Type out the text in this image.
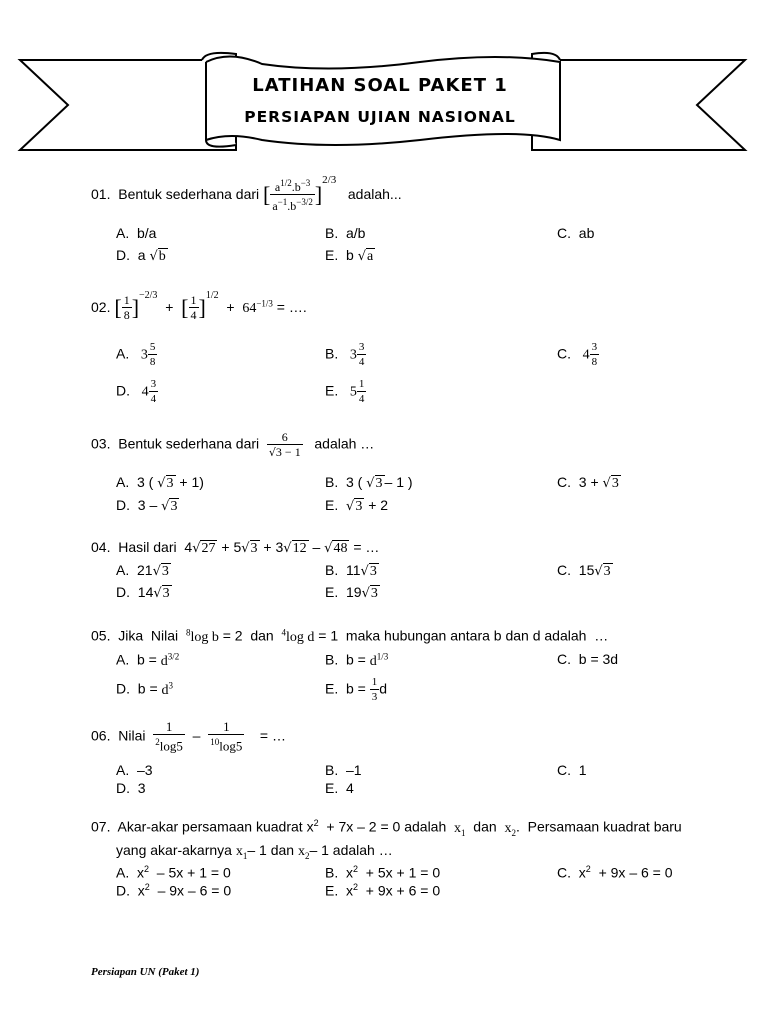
LATIHAN SOAL PAKET 1
PERSIAPAN UJIAN NASIONAL
01. Bentuk sederhana dari [ $\frac{a^{1/2}.b^{-3}}{a^{-1}.b^{-3/2}} ]^{2/3}$   adalah...
A.  b/a	B.  a/b	C.  ab
D.  a √b	E.  b √a
02. [ $\frac{1}{8} ]^{-2/3}$  +  [ $\frac{1}{4} ]^{1/2} + 64^{-1/3}$ = ….
A.   $3 \frac{5}{8}$	B.   $3 \frac{3}{4}$	C.   $4 \frac{3}{8}$
D.   $4 \frac{3}{4}$	E.   $5 \frac{1}{4}$
03. Bentuk sederhana dari $\frac{6}{√3 - 1}$ adalah …
A.  3 ( √3 + 1)	B.  3 ( √3 – 1 )	C.  3 + √3
D.  3 – √3	E.  √3 + 2
04. Hasil dari  4√27 + 5√3 + 3√12 – √48 = …
A.  21√3	B.  11√3	C.  15√3
D.  14√3	E.  19√3
05.  Jika  Nilai  $^8$log b = 2  dan  $^4$log d = 1  maka hubungan antara b dan d adalah  …
A.  $b = d^{3/2}$	B.  $b = d^{1/3}$	C.  b = 3d
D.  $b = d^3$	E.  $b = \frac{1}{3}$ d
06. Nilai $\frac{1}{^2\log 5} - \frac{1}{^{10}\log 5}$ = …
A.  –3	B.  –1	C.  1
D.  3	E.  4
07.  Akar-akar persamaan kuadrat $x^2 + 7x - 2 = 0$ adalah  $x_1$  dan  $x_2$.  Persamaan kuadrat baru
yang akar-akarnya $x_1-$ 1 dan $x_2-$ 1 adalah …
A.  $x^2 - 5x + 1 = 0$	B.  $x^2 + 5x + 1 = 0$	C.  $x^2 + 9x - 6 = 0$
D.  $x^2 - 9x - 6 = 0$	E.  $x^2 + 9x + 6 = 0$
Persiapan UN (Paket 1)
